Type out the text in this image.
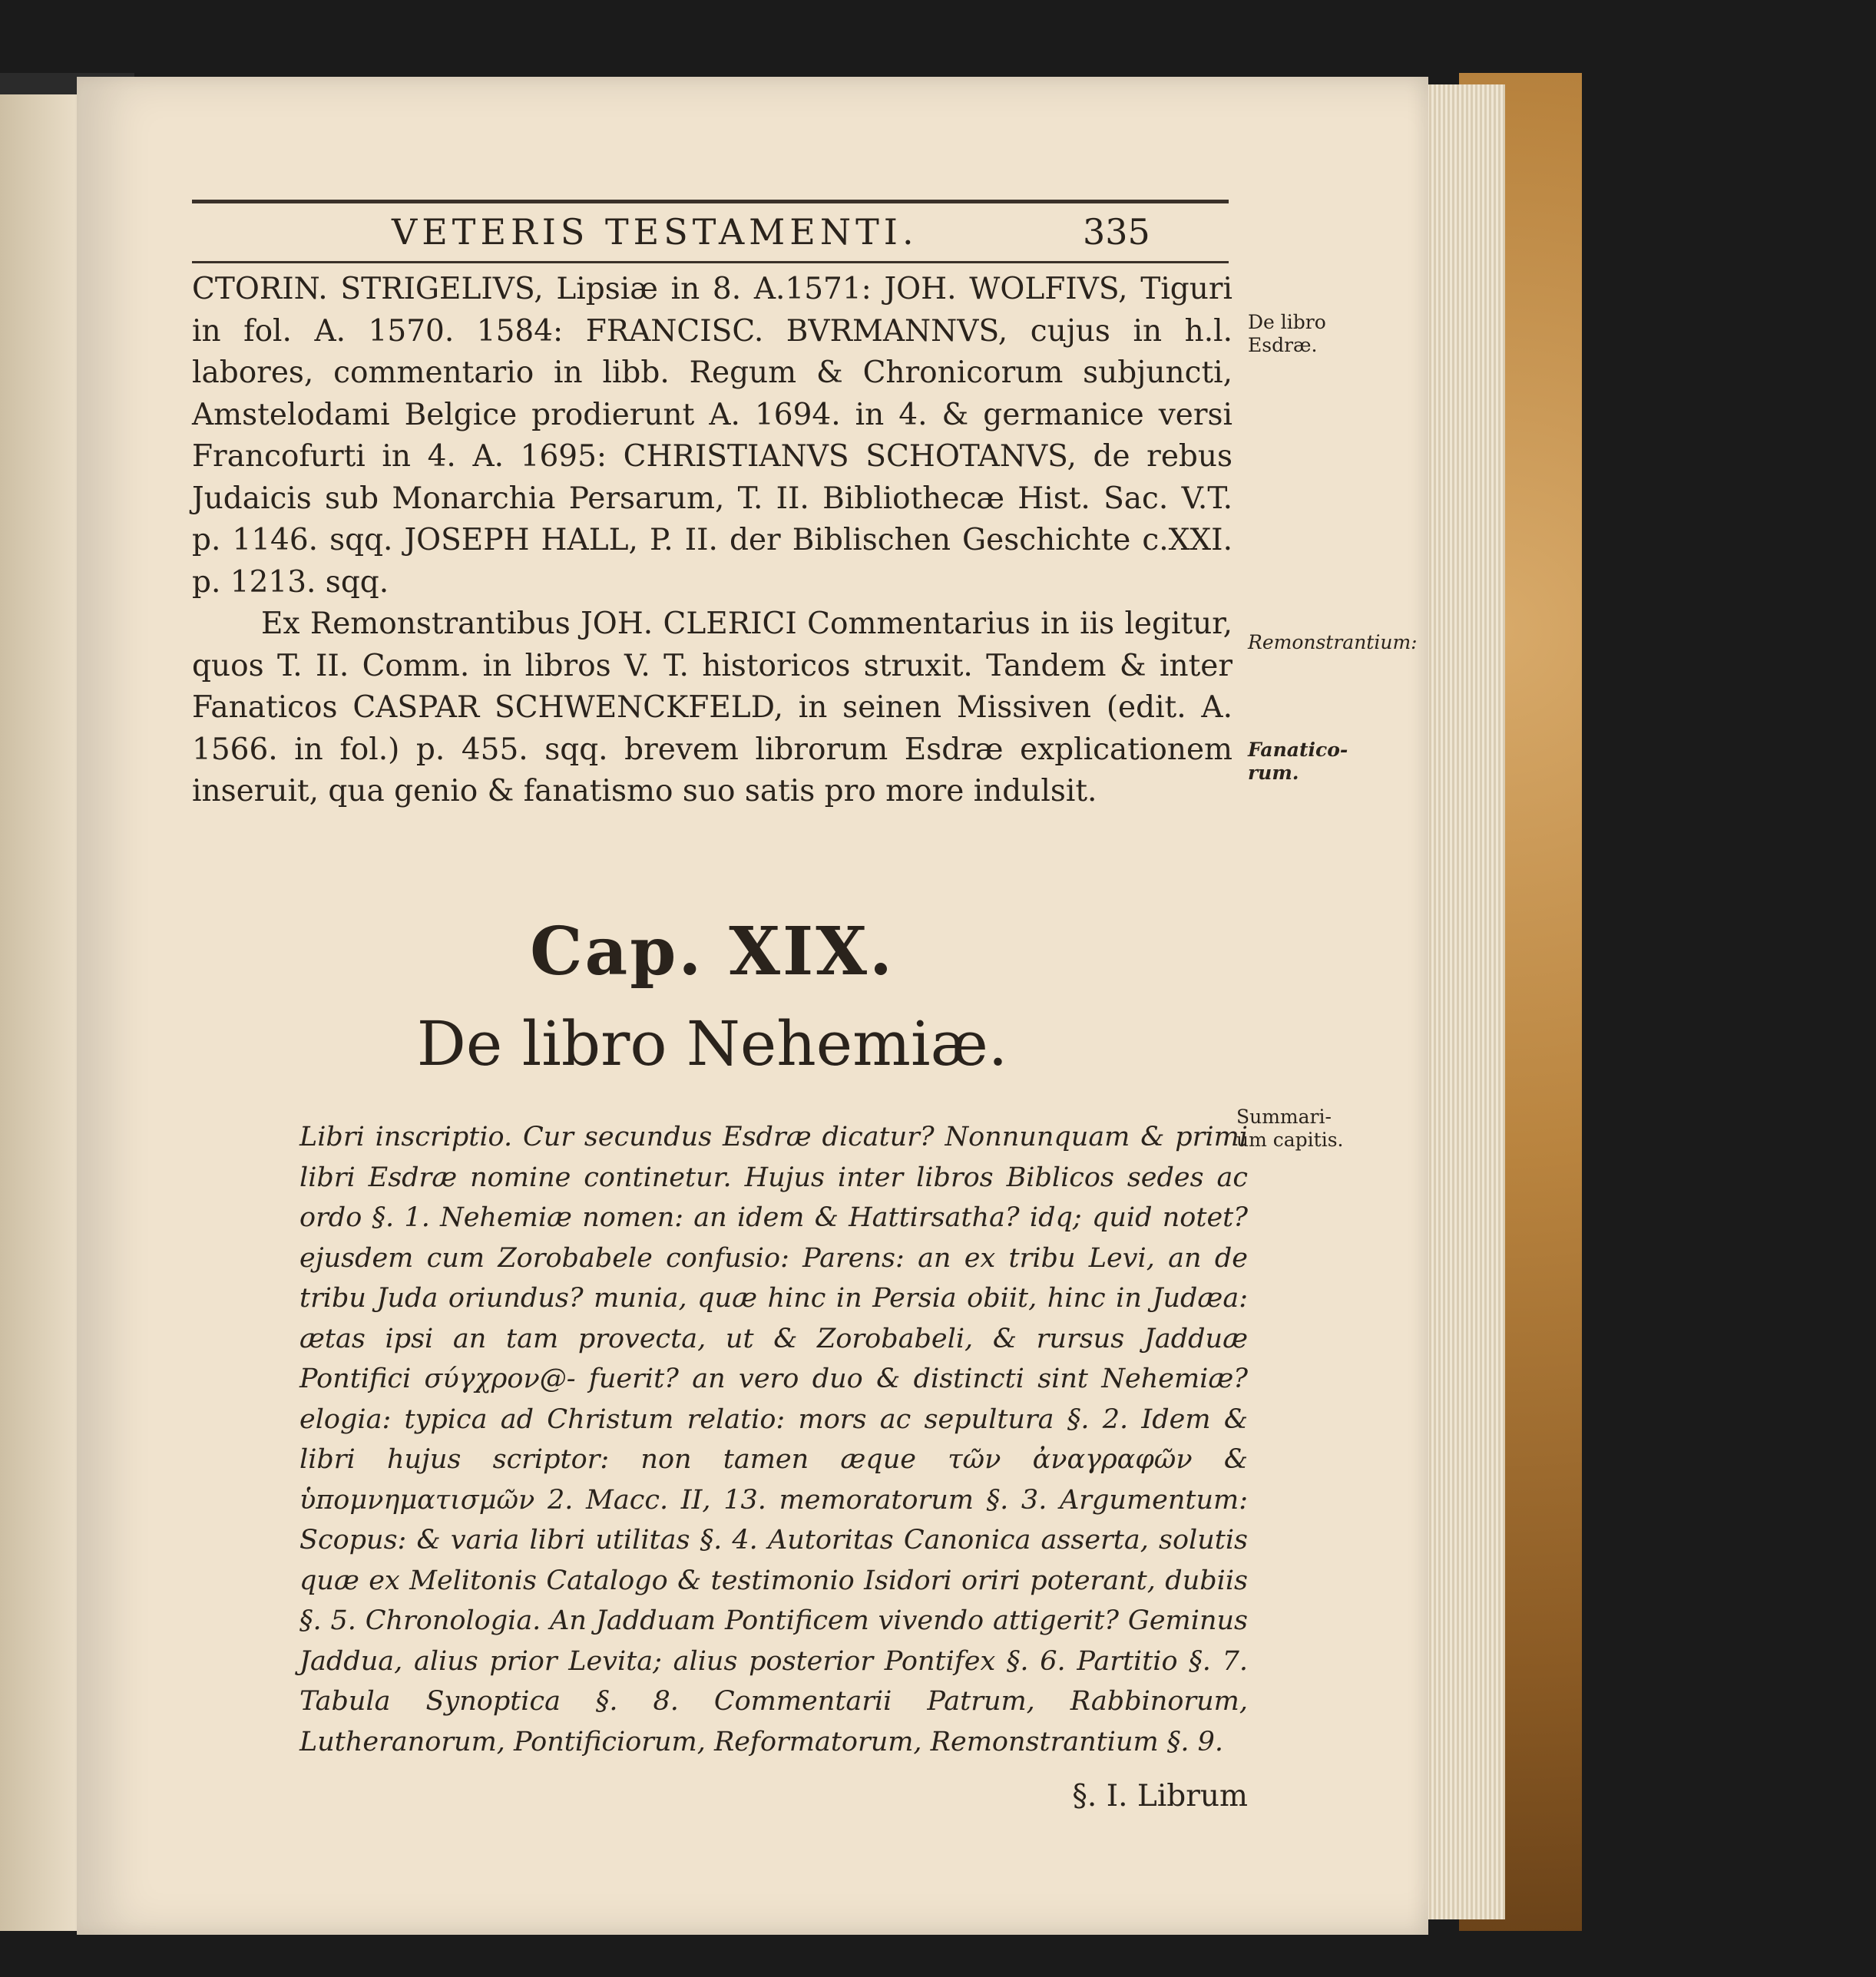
VETERIS TESTAMENTI.	335

CTORIN. STRIGELIVS, Lipsiæ in 8. A.1571: JOH. WOLFIVS, Tiguri in fol. A. 1570. 1584: FRANCISC. BVRMANNVS, cujus in h.l. labores, commentario in libb. Regum & Chronicorum subjuncti, Amstelodami Belgice prodierunt A. 1694. in 4. & germanice versi Francofurti in 4. A. 1695: CHRISTIANVS SCHOTANVS, de rebus Judaicis sub Monarchia Persarum, T. II. Bibliothecæ Hist. Sac. V.T. p. 1146. sqq. JOSEPH HALL, P. II. der Biblischen Geschichte c.XXI. p. 1213. sqq.

Ex Remonstrantibus JOH. CLERICI Commentarius in iis legitur, quos T. II. Comm. in libros V. T. historicos struxit. Tandem & inter Fanaticos CASPAR SCHWENCKFELD, in seinen Missiven (edit. A. 1566. in fol.) p. 455. sqq. brevem librorum Esdræ explicationem inseruit, qua genio & fanatismo suo satis pro more indulsit.

De libro Esdræ.
Remonstrantium:
Fanatico-rum.
Summari-um capitis.
Cap. XIX.
De libro Nehemiæ.

Libri inscriptio. Cur secundus Esdræ dicatur? Nonnunquam & primi libri Esdræ nomine continetur. Hujus inter libros Biblicos sedes ac ordo §. 1. Nehemiæ nomen: an idem & Hattirsatha? idq; quid notet? ejusdem cum Zorobabele confusio: Parens: an ex tribu Levi, an de tribu Juda oriundus? munia, quæ hinc in Persia obiit, hinc in Judæa: ætas ipsi an tam provecta, ut & Zorobabeli, & rursus Jadduæ Pontifici σύγχρον@- fuerit? an vero duo & distincti sint Nehemiæ? elogia: typica ad Christum relatio: mors ac sepultura §. 2. Idem & libri hujus scriptor: non tamen æque τῶν ἀναγραφῶν & ὑπομνηματισμῶν 2. Macc. II, 13. memoratorum §. 3. Argumentum: Scopus: & varia libri utilitas §. 4. Autoritas Canonica asserta, solutis quæ ex Melitonis Catalogo & testimonio Isidori oriri poterant, dubiis §. 5. Chronologia. An Jadduam Pontificem vivendo attigerit? Geminus Jaddua, alius prior Levita; alius posterior Pontifex §. 6. Partitio §. 7. Tabula Synoptica §. 8. Commentarii Patrum, Rabbinorum, Lutheranorum, Pontificiorum, Reformatorum, Remonstrantium §. 9.

§. I. Librum
